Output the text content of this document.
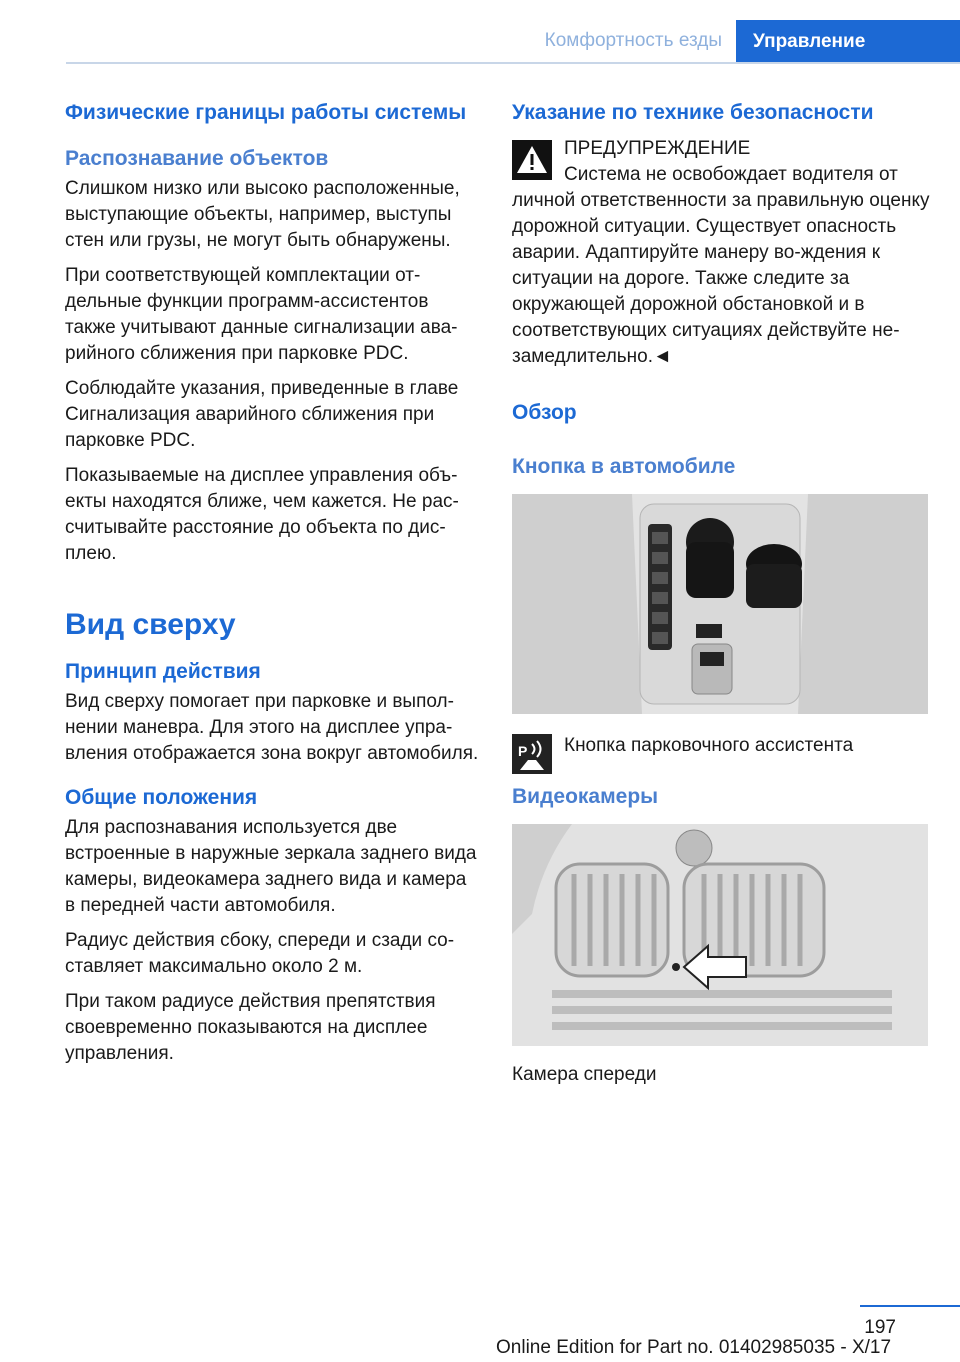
Комфортность езды	Управление
Физические границы работы системы
Распознавание объектов

Слишком низко или высоко расположенные, выступающие объекты, например, выступы стен или грузы, не могут быть обнаружены.

При соответствующей комплектации от-дельные функции программ-ассистентов также учитывают данные сигнализации ава-рийного сближения при парковке PDC.

Соблюдайте указания, приведенные в главе Сигнализация аварийного сближения при парковке PDC.

Показываемые на дисплее управления объ-екты находятся ближе, чем кажется. Не рас-считывайте расстояние до объекта по дис-плею.

Вид сверху
Принцип действия

Вид сверху помогает при парковке и выпол-нении маневра. Для этого на дисплее упра-вления отображается зона вокруг автомобиля.

Общие положения

Для распознавания используется две встроенные в наружные зеркала заднего вида камеры, видеокамера заднего вида и камера в передней части автомобиля.

Радиус действия сбоку, спереди и сзади со-ставляет максимально около 2 м.

При таком радиусе действия препятствия своевременно показываются на дисплее управления.

Указание по технике безопасности

ПРЕДУПРЕЖДЕНИЕ

Система не освобождает водителя от личной ответственности за правильную оценку дорожной ситуации. Существует опасность аварии. Адаптируйте манеру во-ждения к ситуации на дороге. Также следите за окружающей дорожной обстановкой и в соответствующих ситуациях действуйте не-замедлительно.◄

Обзор
Кнопка в автомобиле
P Кнопка парковочного ассистента

Видеокамеры

Камера спереди

197
Online Edition for Part no. 01402985035 - X/17
